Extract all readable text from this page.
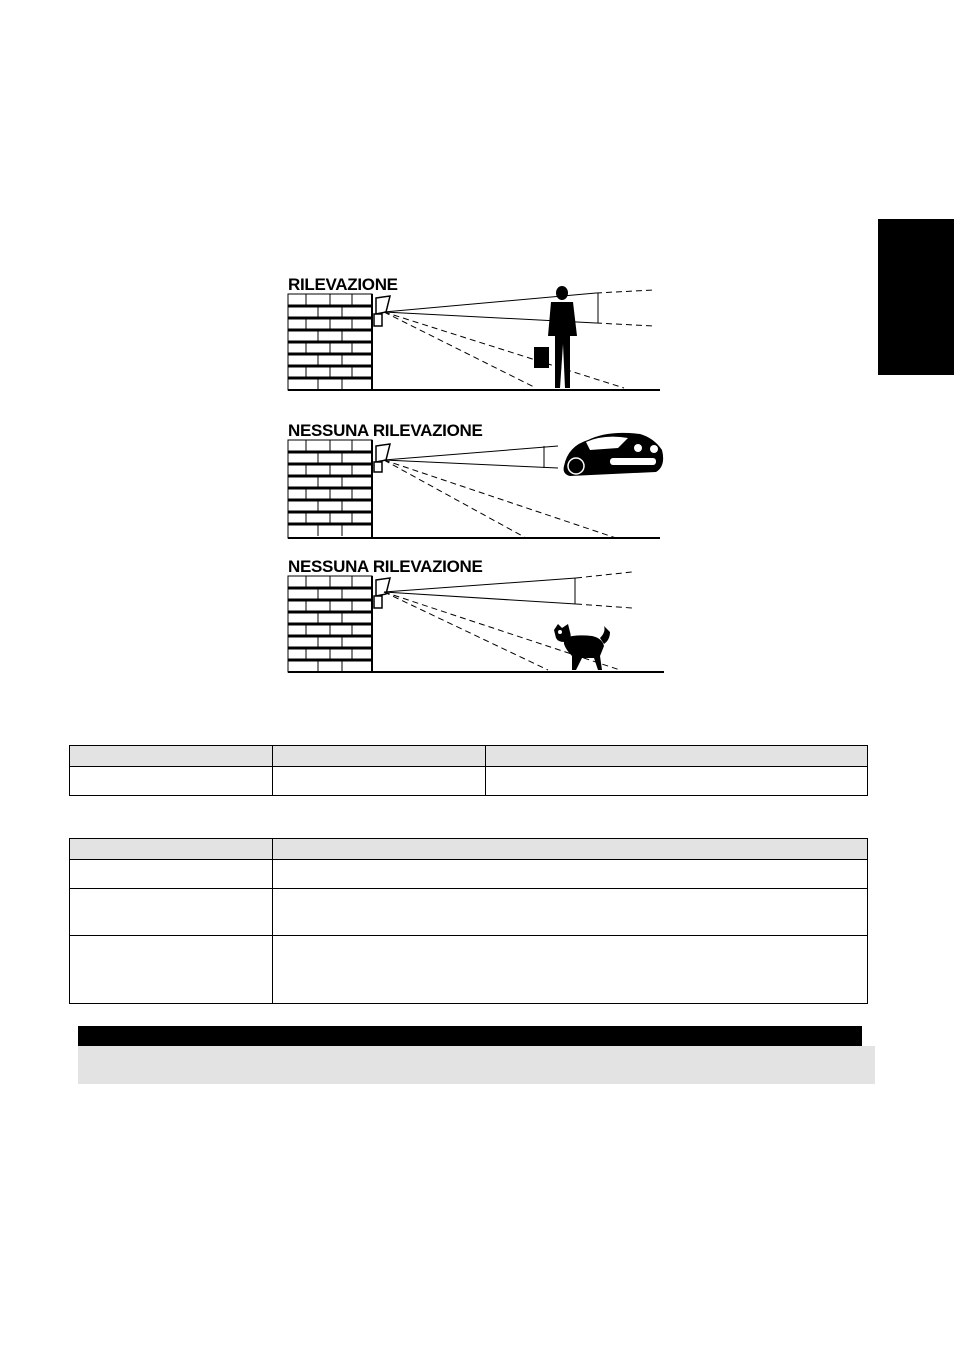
RILEVAZIONE
NESSUNA RILEVAZIONE
NESSUNA RILEVAZIONE
